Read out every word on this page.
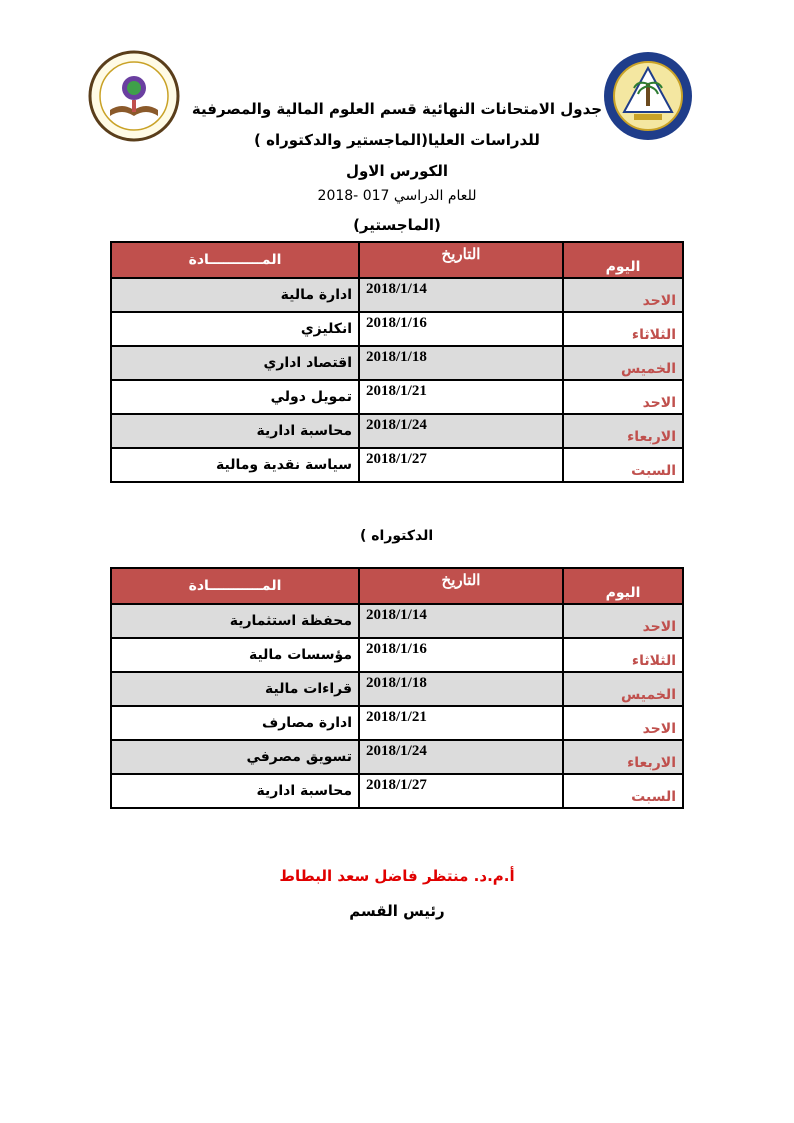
جدول الامتحانات النهائية قسم العلوم المالية والمصرفية
للدراسات العليا(الماجستير والدكتوراه )
الكورس الاول
للعام الدراسي 017 -2018
(الماجستير)
اليوم	التاريخ	المـــــــــــادة
الاحد	2018/1/14	ادارة مالية
الثلاثاء	2018/1/16	انكليزي
الخميس	2018/1/18	اقتصاد اداري
الاحد	2018/1/21	تمويل دولي
الاربعاء	2018/1/24	محاسبة ادارية
السبت	2018/1/27	سياسة نقدية ومالية
الدكتوراه )
اليوم	التاريخ	المـــــــــــادة
الاحد	2018/1/14	محفظة استثمارية
الثلاثاء	2018/1/16	مؤسسات مالية
الخميس	2018/1/18	قراءات مالية
الاحد	2018/1/21	ادارة مصارف
الاربعاء	2018/1/24	تسويق مصرفي
السبت	2018/1/27	محاسبة ادارية
أ.م.د. منتظر فاضل سعد البطاط
رئيس القسم
